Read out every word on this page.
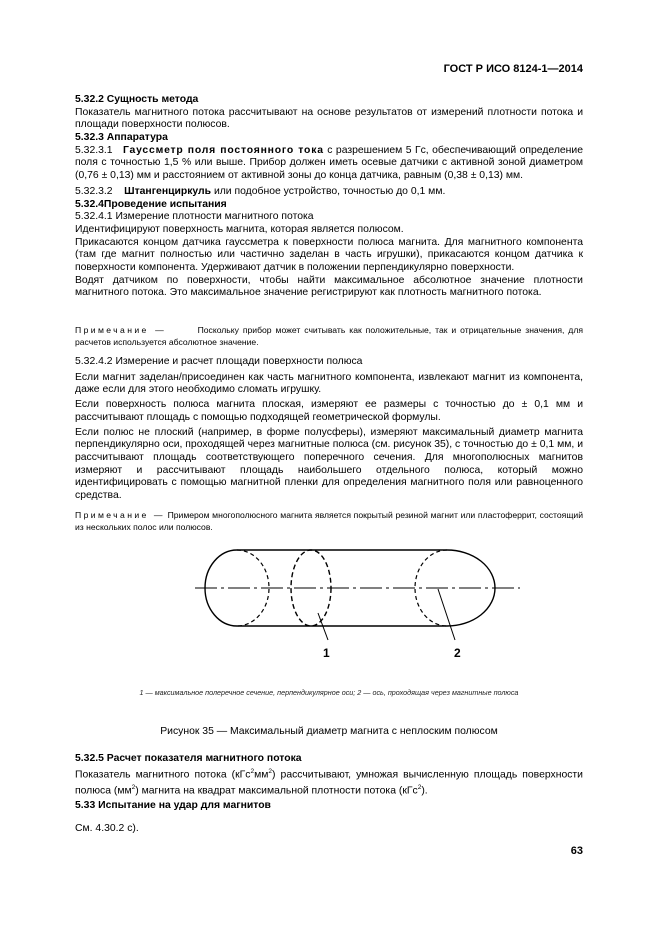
ГОСТ Р ИСО 8124-1—2014

5.32.2 Сущность метода

Показатель магнитного потока рассчитывают на основе результатов от измерений плотности потока и площади поверхности полюсов.

5.32.3 Аппаратура

5.32.3.1 Гауссметр поля постоянного тока с разрешением 5 Гс, обеспечивающий определение поля с точностью 1,5 % или выше. Прибор должен иметь осевые датчики с активной зоной диаметром (0,76 ± 0,13) мм и расстоянием от активной зоны до конца датчика, равным (0,38 ± 0,13) мм.

5.32.3.2 Штангенциркуль или подобное устройство, точностью до 0,1 мм.

5.32.4Проведение испытания

5.32.4.1 Измерение плотности магнитного потока

Идентифицируют поверхность магнита, которая является полюсом.

Прикасаются концом датчика гауссметра к поверхности полюса магнита. Для магнитного компонента (там где магнит полностью или частично заделан в часть игрушки), прикасаются концом датчика к поверхности компонента. Удерживают датчик в положении перпендикулярно поверхности.

Водят датчиком по поверхности, чтобы найти максимальное абсолютное значение плотности магнитного потока. Это максимальное значение регистрируют как плотность магнитного потока.

Примечание —	Поскольку прибор может считывать как положительные, так и отрицательные значения, для расчетов используется абсолютное значение.

5.32.4.2 Измерение и расчет площади поверхности полюса

Если магнит заделан/присоединен как часть магнитного компонента, извлекают магнит из компонента, даже если для этого необходимо сломать игрушку.

Если поверхность полюса магнита плоская, измеряют ее размеры с точностью до ± 0,1 мм и рассчитывают площадь с помощью подходящей геометрической формулы.

Если полюс не плоский (например, в форме полусферы), измеряют максимальный диаметр магнита перпендикулярно оси, проходящей через магнитные полюса (см. рисунок 35), с точностью до ± 0,1 мм, и рассчитывают площадь соответствующего поперечного сечения. Для многополюсных магнитов измеряют и рассчитывают площадь наибольшего отдельного полюса, который можно идентифицировать с помощью магнитной пленки для определения магнитного поля или равноценного средства.

Примечание — Примером многополюсного магнита является покрытый резиной магнит или пластоферрит, состоящий из нескольких полос или полюсов.

1	2
1 — максимальное полеречное сечение, перпендикулярное оси; 2 — ось, проходящая через магнитные полюса
Рисунок 35 — Максимальный диаметр магнита с неплоским полюсом

5.32.5 Расчет показателя магнитного потока

Показатель магнитного потока $(кГс^2мм^2)$ рассчитывают, умножая вычисленную площадь поверхности полюса $(мм^2)$ магнита на квадрат максимальной плотности потока (кГс$^2$).

5.33 Испытание на удар для магнитов

См. 4.30.2 с).

63
